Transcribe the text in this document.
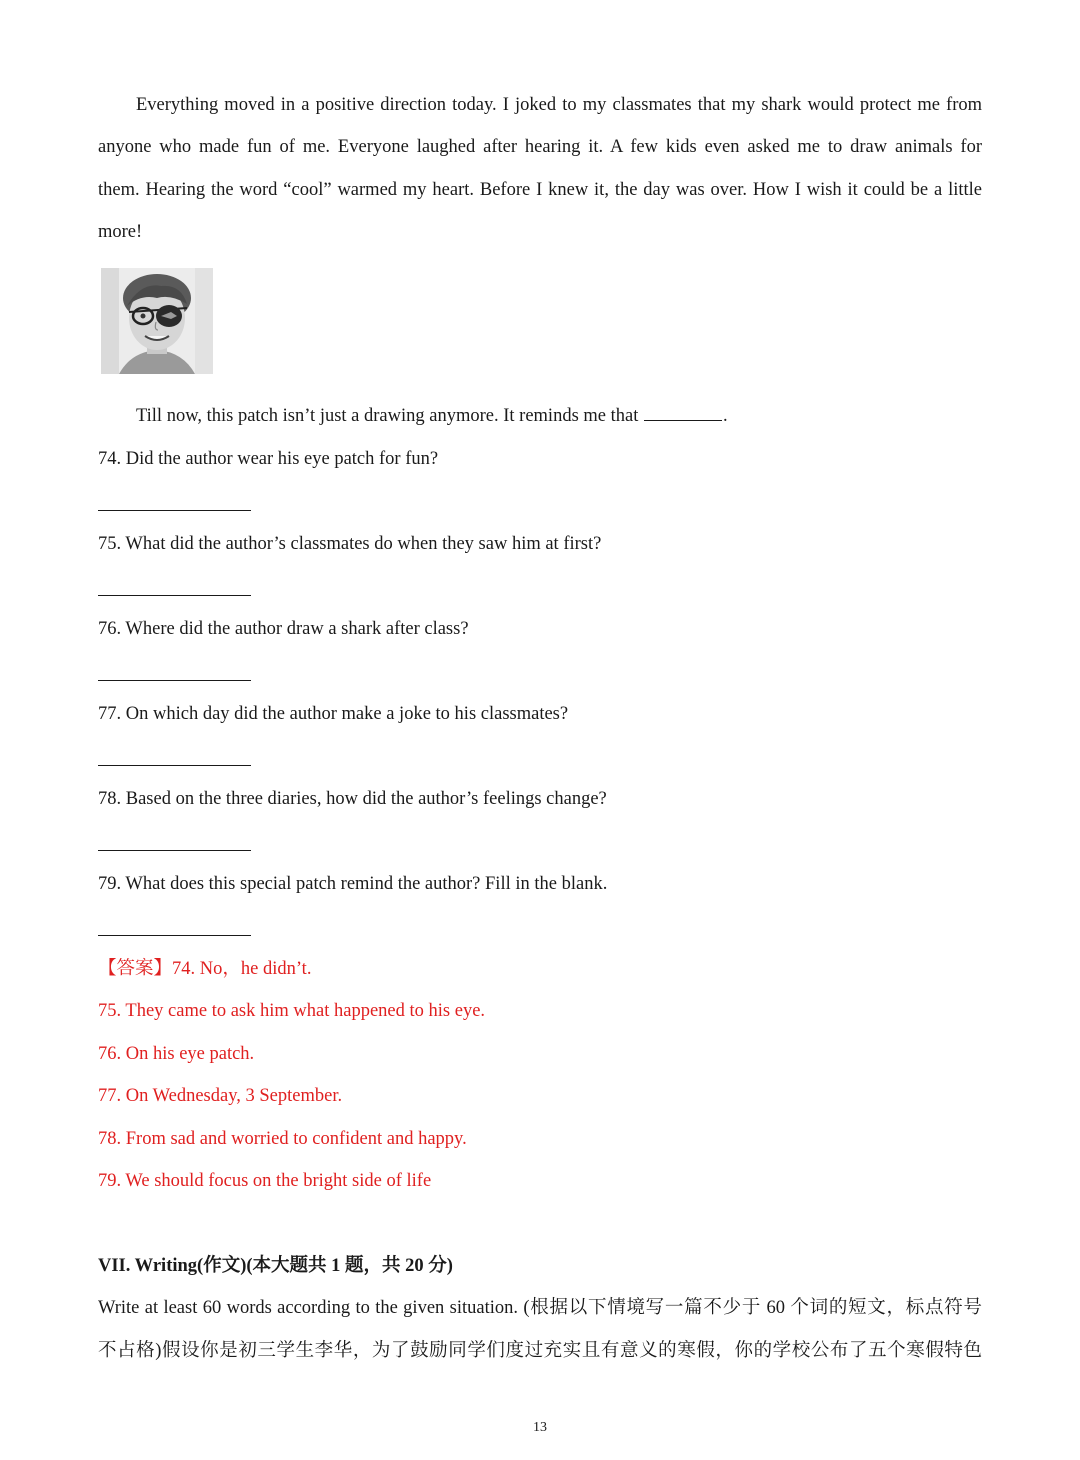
Everything moved in a positive direction today. I joked to my classmates that my shark would protect me from
anyone who made fun of me. Everyone laughed after hearing it. A few kids even asked me to draw animals for
them. Hearing the word “cool” warmed my heart. Before I knew it, the day was over. How I wish it could be a little
more!
Till now, this patch isn’t just a drawing anymore. It reminds me that	.
74. Did the author wear his eye patch for fun?
75. What did the author’s classmates do when they saw him at first?
76. Where did the author draw a shark after class?
77. On which day did the author make a joke to his classmates?
78. Based on the three diaries, how did the author’s feelings change?
79. What does this special patch remind the author? Fill in the blank.
【答案】74. No，he didn’t.
75. They came to ask him what happened to his eye.
76. On his eye patch.
77. On Wednesday, 3 September.
78. From sad and worried to confident and happy.
79. We should focus on the bright side of life
VII. Writing(作文)(本大题共 1 题，共 20 分)
Write at least 60 words according to the given situation. (根据以下情境写一篇不少于 60 个词的短文，标点符号
不占格)假设你是初三学生李华，为了鼓励同学们度过充实且有意义的寒假，你的学校公布了五个寒假特色
13
